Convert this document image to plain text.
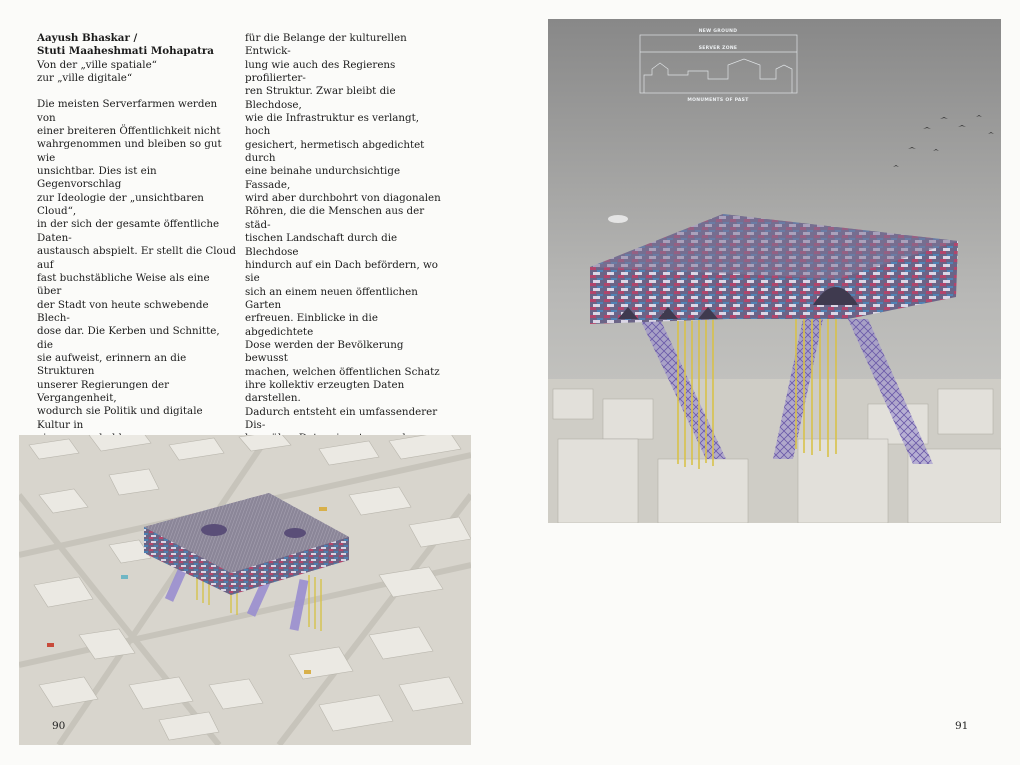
Aayush Bhaskar /
Stuti Maaheshmati Mohapatra

Von der „ville spatiale“
zur „ville digitale“

Die meisten Serverfarmen werden von
einer breiteren Öffentlichkeit nicht
wahrgenommen und bleiben so gut wie
unsichtbar. Dies ist ein Gegenvorschlag
zur Ideologie der „unsichtbaren Cloud“,
in der sich der gesamte öffentliche Daten-
austausch abspielt. Er stellt die Cloud auf
fast buchstäbliche Weise als eine über
der Stadt von heute schwebende Blech-
dose dar. Die Kerben und Schnitte, die
sie aufweist, erinnern an die Strukturen
unserer Regierungen der Vergangenheit,
wodurch sie Politik und digitale Kultur in

für die Belange der kulturellen Entwick-
lung wie auch des Regierens profilierter-
ren Struktur. Zwar bleibt die Blechdose,
wie die Infrastruktur es verlangt, hoch
gesichert, hermetisch abgedichtet durch
eine beinahe undurchsichtige Fassade,
wird aber durchbohrt von diagonalen
Röhren, die die Menschen aus der städ-
tischen Landschaft durch die Blechdose
hindurch auf ein Dach befördern, wo sie
sich an einem neuen öffentlichen Garten
erfreuen. Einblicke in die abgedichtete
Dose werden der Bevölkerung bewusst
machen, welchen öffentlichen Schatz
ihre kollektiv erzeugten Daten darstellen.
Dadurch entsteht ein umfassenderer Dis-

90
NEW GROUND
SERVER ZONE
MONUMENTS OF PAST
91
